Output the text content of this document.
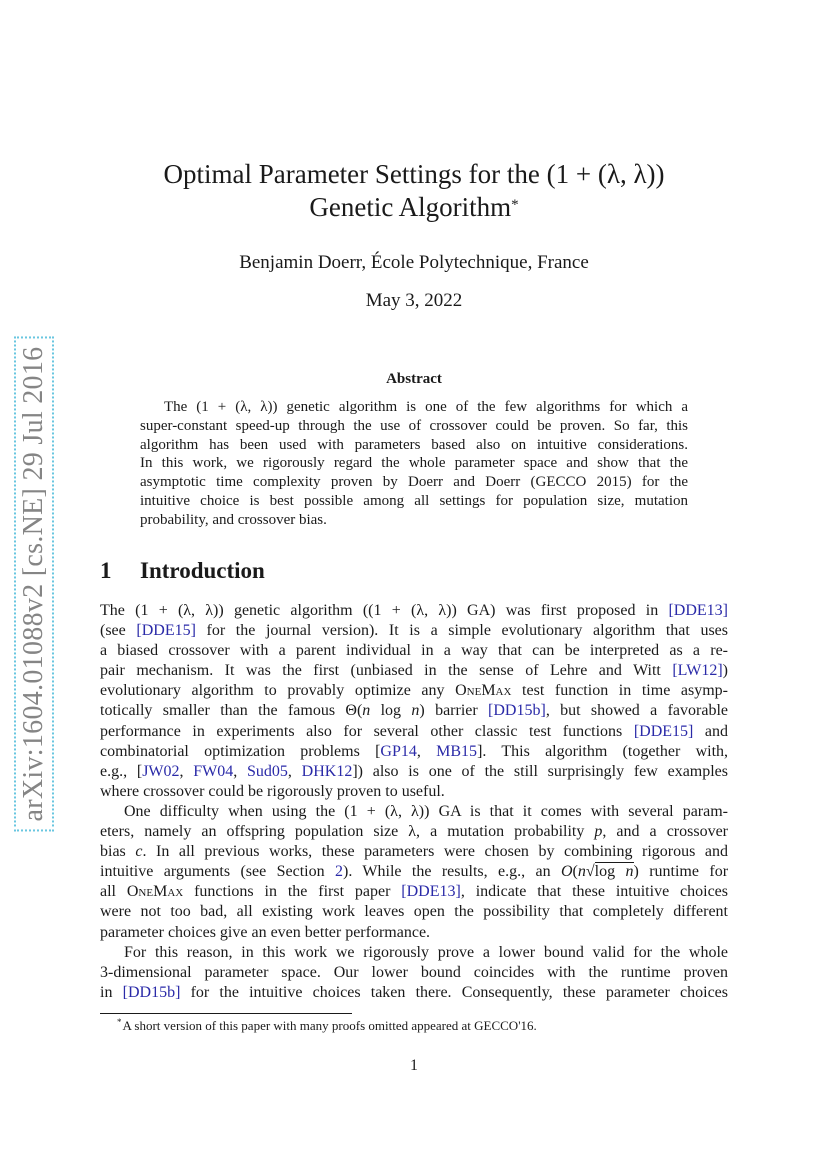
arXiv:1604.01088v2 [cs.NE] 29 Jul 2016
Optimal Parameter Settings for the (1 + (λ, λ))
Genetic Algorithm*
Benjamin Doerr, École Polytechnique, France
May 3, 2022
Abstract
The (1 + (λ, λ)) genetic algorithm is one of the few algorithms for which a
super-constant speed-up through the use of crossover could be proven. So far, this
algorithm has been used with parameters based also on intuitive considerations.
In this work, we rigorously regard the whole parameter space and show that the
asymptotic time complexity proven by Doerr and Doerr (GECCO 2015) for the
intuitive choice is best possible among all settings for population size, mutation
probability, and crossover bias.
1 Introduction
The (1 + (λ, λ)) genetic algorithm ((1 + (λ, λ)) GA) was first proposed in [DDE13]
(see [DDE15] for the journal version). It is a simple evolutionary algorithm that uses
a biased crossover with a parent individual in a way that can be interpreted as a re-
pair mechanism. It was the first (unbiased in the sense of Lehre and Witt [LW12])
evolutionary algorithm to provably optimize any OneMax test function in time asymp-
totically smaller than the famous Θ(n log n) barrier [DD15b], but showed a favorable
performance in experiments also for several other classic test functions [DDE15] and
combinatorial optimization problems [GP14, MB15]. This algorithm (together with,
e.g., [JW02, FW04, Sud05, DHK12]) also is one of the still surprisingly few examples
where crossover could be rigorously proven to useful.
One difficulty when using the (1 + (λ, λ)) GA is that it comes with several param-
eters, namely an offspring population size λ, a mutation probability p, and a crossover
bias c. In all previous works, these parameters were chosen by combining rigorous and
intuitive arguments (see Section 2). While the results, e.g., an O(n√log n) runtime for
all OneMax functions in the first paper [DDE13], indicate that these intuitive choices
were not too bad, all existing work leaves open the possibility that completely different
parameter choices give an even better performance.
For this reason, in this work we rigorously prove a lower bound valid for the whole
3-dimensional parameter space. Our lower bound coincides with the runtime proven
in [DD15b] for the intuitive choices taken there. Consequently, these parameter choices
*A short version of this paper with many proofs omitted appeared at GECCO'16.
1
